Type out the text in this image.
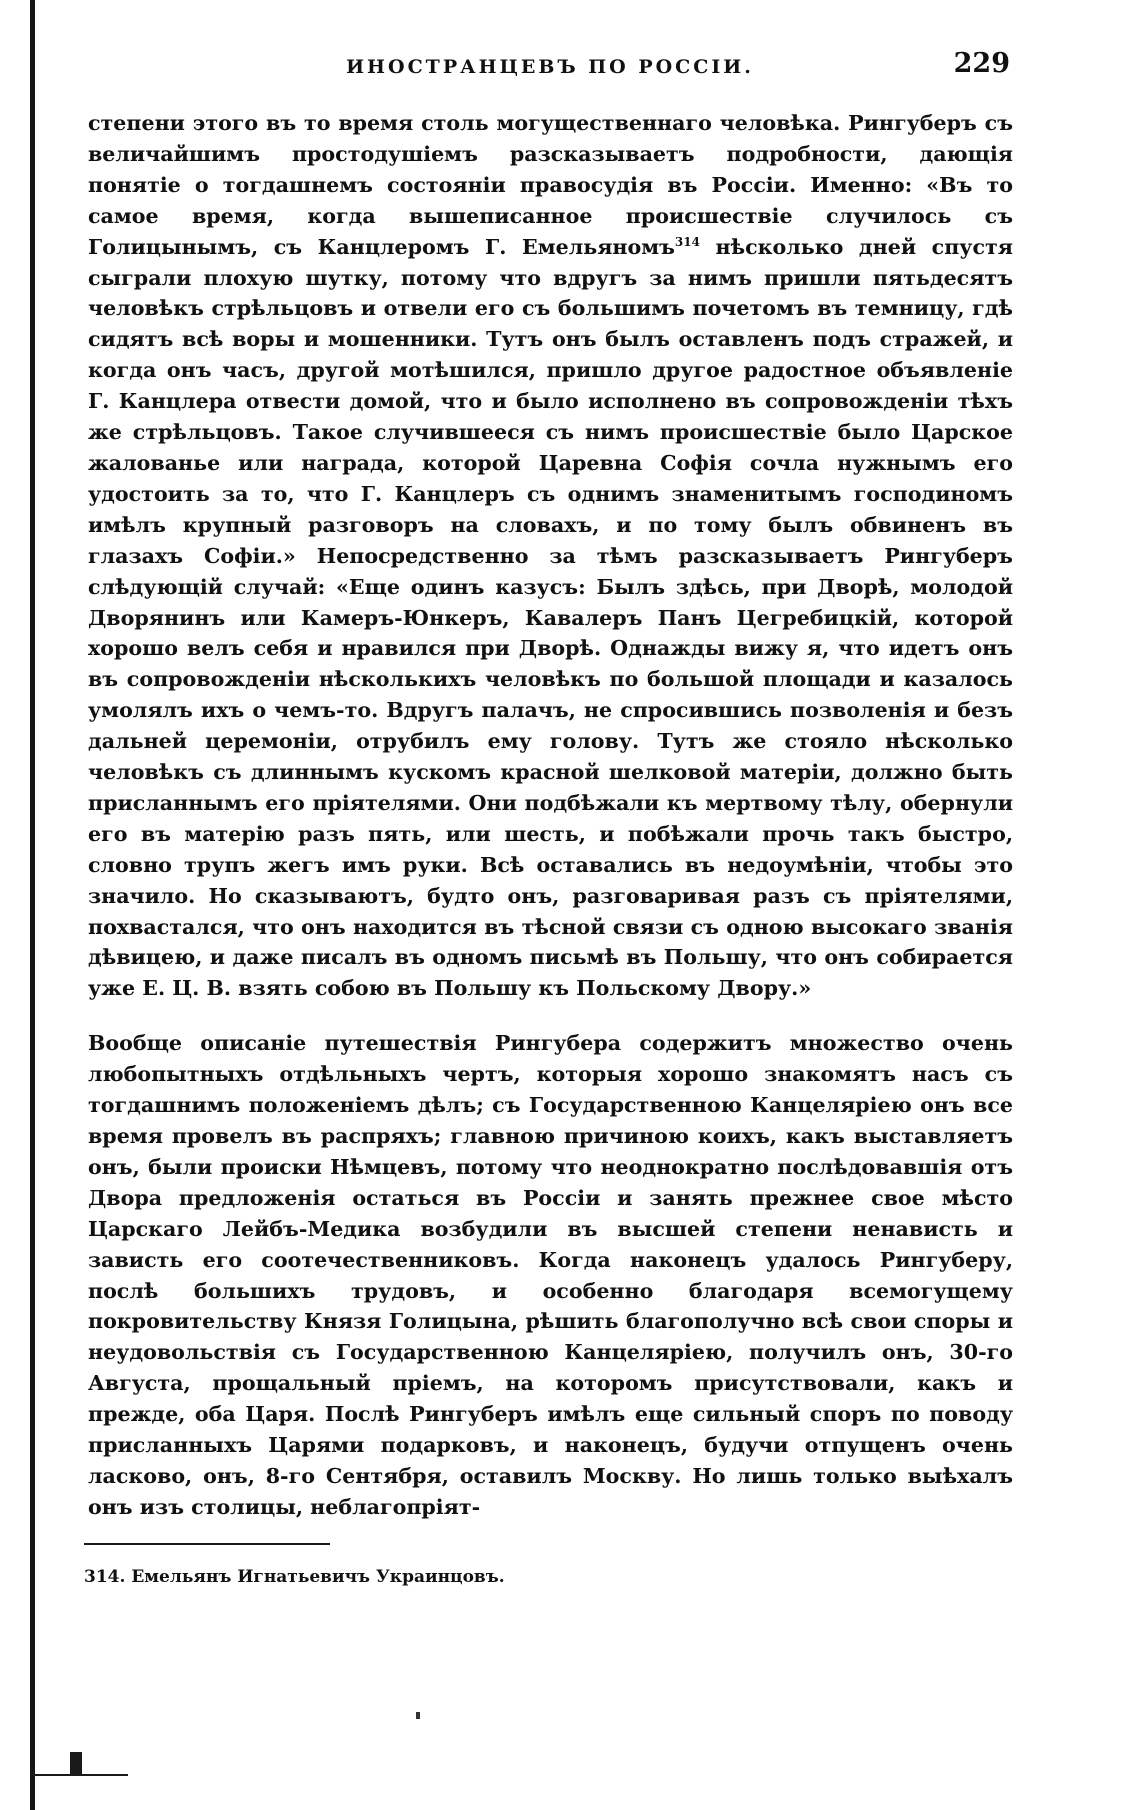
ИНОСТРАНЦЕВЪ ПО РОССІИ.	229

степени этого въ то время столь могущественнаго человѣка. Рингуберъ съ величайшимъ простодушіемъ разсказываетъ подробности, дающія понятіе о тогдашнемъ состояніи правосудія въ Россіи. Именно: «Въ то самое время, когда вышеписанное происшествіе случилось съ Голицынымъ, съ Канцлеромъ Г. Емельяномъ$^{314}$ нѣсколько дней спустя сыграли плохую шутку, потому что вдругъ за нимъ пришли пятьдесятъ человѣкъ стрѣльцовъ и отвели его съ большимъ почетомъ въ темницу, гдѣ сидятъ всѣ воры и мошенники. Тутъ онъ былъ оставленъ подъ стражей, и когда онъ часъ, другой мотѣшился, пришло другое радостное объявленіе Г. Канцлера отвести домой, что и было исполнено въ сопровожденіи тѣхъ же стрѣльцовъ. Такое случившееся съ нимъ происшествіе было Царское жалованье или награда, которой Царевна Софія сочла нужнымъ его удостоить за то, что Г. Канцлеръ съ однимъ знаменитымъ господиномъ имѣлъ крупный разговоръ на словахъ, и по тому былъ обвиненъ въ глазахъ Софіи.» Непосредственно за тѣмъ разсказываетъ Рингуберъ слѣдующій случай: «Еще одинъ казусъ: Былъ здѣсь, при Дворѣ, молодой Дворянинъ или Камеръ-Юнкеръ, Кавалеръ Панъ Цегребицкій, которой хорошо велъ себя и нравился при Дворѣ. Однажды вижу я, что идетъ онъ въ сопровожденіи нѣсколькихъ человѣкъ по большой площади и казалось умолялъ ихъ о чемъ-то. Вдругъ палачъ, не спросившись позволенія и безъ дальней церемоніи, отрубилъ ему голову. Тутъ же стояло нѣсколько человѣкъ съ длиннымъ кускомъ красной шелковой матеріи, должно быть присланнымъ его пріятелями. Они подбѣжали къ мертвому тѣлу, обернули его въ матерію разъ пять, или шесть, и побѣжали прочь такъ быстро, словно трупъ жегъ имъ руки. Всѣ оставались въ недоумѣніи, чтобы это значило. Но сказываютъ, будто онъ, разговаривая разъ съ пріятелями, похвастался, что онъ находится въ тѣсной связи съ одною высокаго званія дѣвицею, и даже писалъ въ одномъ письмѣ въ Польшу, что онъ собирается уже Е. Ц. В. взять собою въ Польшу къ Польскому Двору.»

Вообще описаніе путешествія Рингубера содержитъ множество очень любопытныхъ отдѣльныхъ чертъ, которыя хорошо знакомятъ насъ съ тогдашнимъ положеніемъ дѣлъ; съ Государственною Канцеляріею онъ все время провелъ въ распряхъ; главною причиною коихъ, какъ выставляетъ онъ, были происки Нѣмцевъ, потому что неоднократно послѣдовавшія отъ Двора предложенія остаться въ Россіи и занять прежнее свое мѣсто Царскаго Лейбъ-Медика возбудили въ высшей степени ненависть и зависть его соотечественниковъ. Когда наконецъ удалось Рингуберу, послѣ большихъ трудовъ, и особенно благодаря всемогущему покровительству Князя Голицына, рѣшить благополучно всѣ свои споры и неудовольствія съ Государственною Канцеляріею, получилъ онъ, 30-го Августа, прощальный пріемъ, на которомъ присутствовали, какъ и прежде, оба Царя. Послѣ Рингуберъ имѣлъ еще сильный споръ по поводу присланныхъ Царями подарковъ, и наконецъ, будучи отпущенъ очень ласково, онъ, 8-го Сентября, оставилъ Москву. Но лишь только выѣхалъ онъ изъ столицы, неблагопріят-

314. Емельянъ Игнатьевичъ Украинцовъ.
